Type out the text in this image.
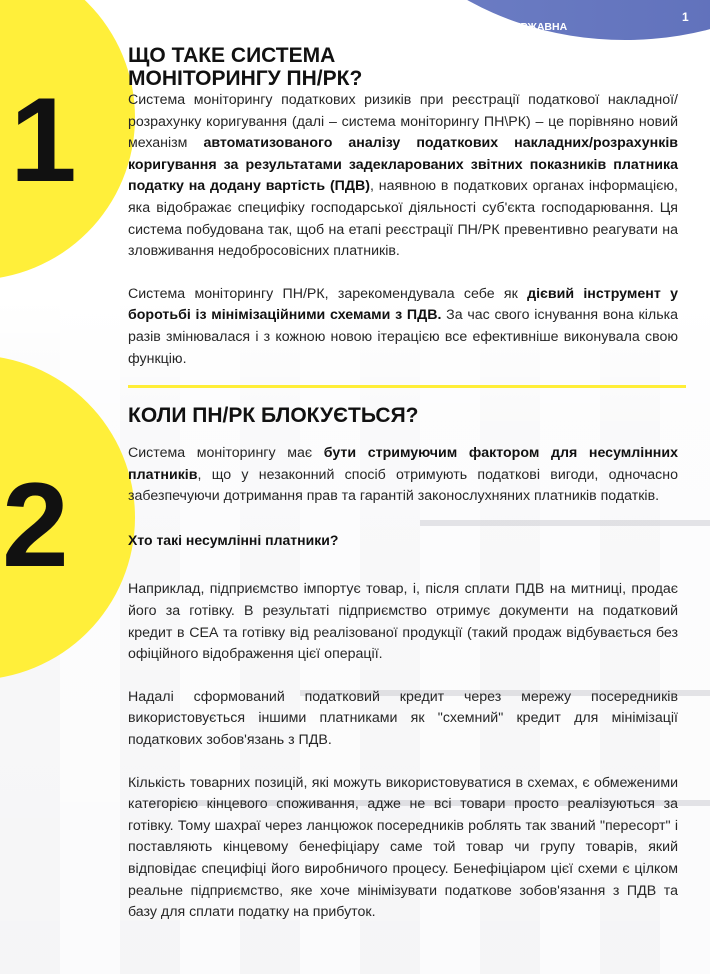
ДЕРЖАВНА
ПОДАТКОВА
СЛУЖБА УКРАЇНИ
1
1
2
ЩО ТАКЕ СИСТЕМА
МОНІТОРИНГУ ПН/РК?

Система моніторингу податкових ризиків при реєстрації податкової накладної/розрахунку коригування (далі – система моніторингу ПН\РК) – це порівняно новий механізм автоматизованого аналізу податкових накладних/розрахунків коригування за результатами задекларованих звітних показників платника податку на додану вартість (ПДВ), наявною в податкових органах інформацією, яка відображає специфіку господарської діяльності суб'єкта господарювання. Ця система побудована так, щоб на етапі реєстрації ПН/РК превентивно реагувати на зловживання недобросовісних платників.

Система моніторингу ПН/РК, зарекомендувала себе як дієвий інструмент у боротьбі із мінімізаційними схемами з ПДВ. За час свого існування вона кілька разів змінювалася і з кожною новою ітерацією все ефективніше виконувала свою функцію.

КОЛИ ПН/РК БЛОКУЄТЬСЯ?

Система моніторингу має бути стримуючим фактором для несумлінних платників, що у незаконний спосіб отримують податкові вигоди, одночасно забезпечуючи дотримання прав та гарантій законослухняних платників податків.

Хто такі несумлінні платники?

Наприклад, підприємство імпортує товар, і, після сплати ПДВ на митниці, продає його за готівку. В результаті підприємство отримує документи на податковий кредит в СЕА та готівку від реалізованої продукції (такий продаж відбувається без офіційного відображення цієї операції.

Надалі сформований податковий кредит через мережу посередників використовується іншими платниками як "схемний" кредит для мінімізації податкових зобов'язань з ПДВ.

Кількість товарних позицій, які можуть використовуватися в схемах, є обмеженими категорією кінцевого споживання, адже не всі товари просто реалізуються за готівку. Тому шахраї через ланцюжок посередників роблять так званий "пересорт" і поставляють кінцевому бенефіціару саме той товар чи групу товарів, який відповідає специфіці його виробничого процесу. Бенефіціаром цієї схеми є цілком реальне підприємство, яке хоче мінімізувати податкове зобов'язання з ПДВ та базу для сплати податку на прибуток.
